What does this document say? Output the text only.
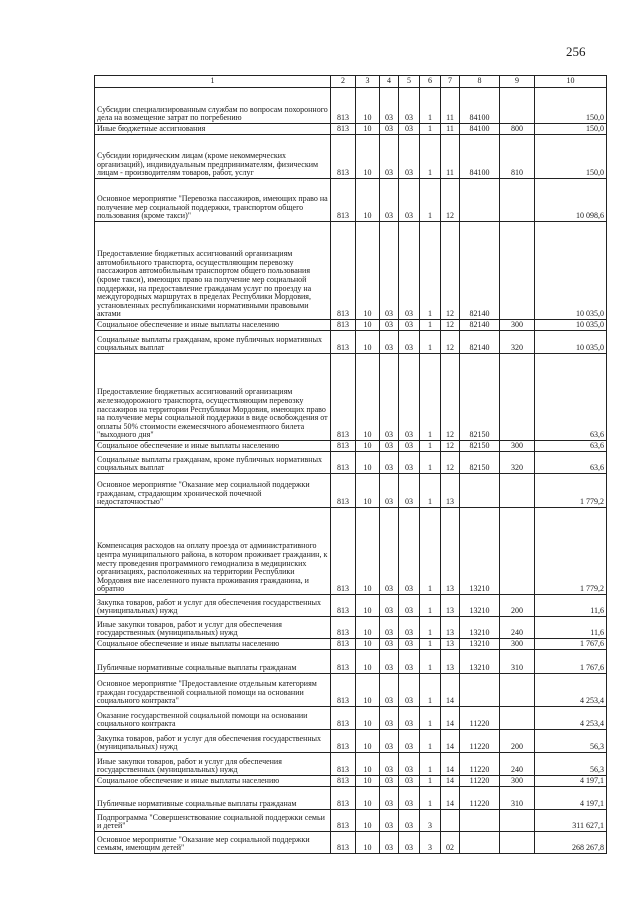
256
1	2	3	4	5	6	7	8	9	10
Субсидии специализированным службам по вопросам похоронного дела на возмещение затрат по погребению	813	10	03	03	1	11	84100		150,0
Иные бюджетные ассигнования	813	10	03	03	1	11	84100	800	150,0
Субсидии юридическим лицам (кроме некоммерческих организаций), индивидуальным предпринимателям, физическим лицам - производителям товаров, работ, услуг	813	10	03	03	1	11	84100	810	150,0
Основное мероприятие "Перевозка пассажиров, имеющих право на получение мер социальной поддержки, транспортом общего пользования (кроме такси)"	813	10	03	03	1	12			10 098,6
Предоставление бюджетных ассигнований организациям автомобильного транспорта, осуществляющим перевозку пассажиров автомобильным транспортом общего пользования (кроме такси), имеющих право на получение мер социальной поддержки, на предоставление гражданам услуг по проезду на междугородных маршрутах в пределах Республики Мордовия, установленных республиканскими нормативными правовыми актами	813	10	03	03	1	12	82140		10 035,0
Социальное обеспечение и иные выплаты населению	813	10	03	03	1	12	82140	300	10 035,0
Социальные выплаты гражданам, кроме публичных нормативных социальных выплат	813	10	03	03	1	12	82140	320	10 035,0
Предоставление бюджетных ассигнований организациям железнодорожного транспорта, осуществляющим перевозку пассажиров на территории Республики Мордовия, имеющих право на получение меры социальной поддержки в виде освобождения от оплаты 50% стоимости ежемесячного абонементного билета "выходного дня"	813	10	03	03	1	12	82150		63,6
Социальное обеспечение и иные выплаты населению	813	10	03	03	1	12	82150	300	63,6
Социальные выплаты гражданам, кроме публичных нормативных социальных выплат	813	10	03	03	1	12	82150	320	63,6
Основное мероприятие "Оказание мер социальной поддержки гражданам, страдающим хронической почечной недостаточностью"	813	10	03	03	1	13			1 779,2
Компенсация расходов на оплату проезда от административного центра муниципального района, в котором проживает гражданин, к месту проведения программного гемодиализа в медицинских организациях, расположенных на территории Республики Мордовия вне населенного пункта проживания гражданина, и обратно	813	10	03	03	1	13	13210		1 779,2
Закупка товаров, работ и услуг для обеспечения государственных (муниципальных) нужд	813	10	03	03	1	13	13210	200	11,6
Иные закупки товаров, работ и услуг для обеспечения государственных (муниципальных) нужд	813	10	03	03	1	13	13210	240	11,6
Социальное обеспечение и иные выплаты населению	813	10	03	03	1	13	13210	300	1 767,6
Публичные нормативные социальные выплаты гражданам	813	10	03	03	1	13	13210	310	1 767,6
Основное мероприятие "Предоставление отдельным категориям граждан государственной социальной помощи на основании социального контракта"	813	10	03	03	1	14			4 253,4
Оказание государственной социальной помощи на основании социального контракта	813	10	03	03	1	14	11220		4 253,4
Закупка товаров, работ и услуг для обеспечения государственных (муниципальных) нужд	813	10	03	03	1	14	11220	200	56,3
Иные закупки товаров, работ и услуг для обеспечения государственных (муниципальных) нужд	813	10	03	03	1	14	11220	240	56,3
Социальное обеспечение и иные выплаты населению	813	10	03	03	1	14	11220	300	4 197,1
Публичные нормативные социальные выплаты гражданам	813	10	03	03	1	14	11220	310	4 197,1
Подпрограмма "Совершенствование социальной поддержки семьи и детей"	813	10	03	03	3				311 627,1
Основное мероприятие "Оказание мер социальной поддержки семьям, имеющим детей"	813	10	03	03	3	02			268 267,8
